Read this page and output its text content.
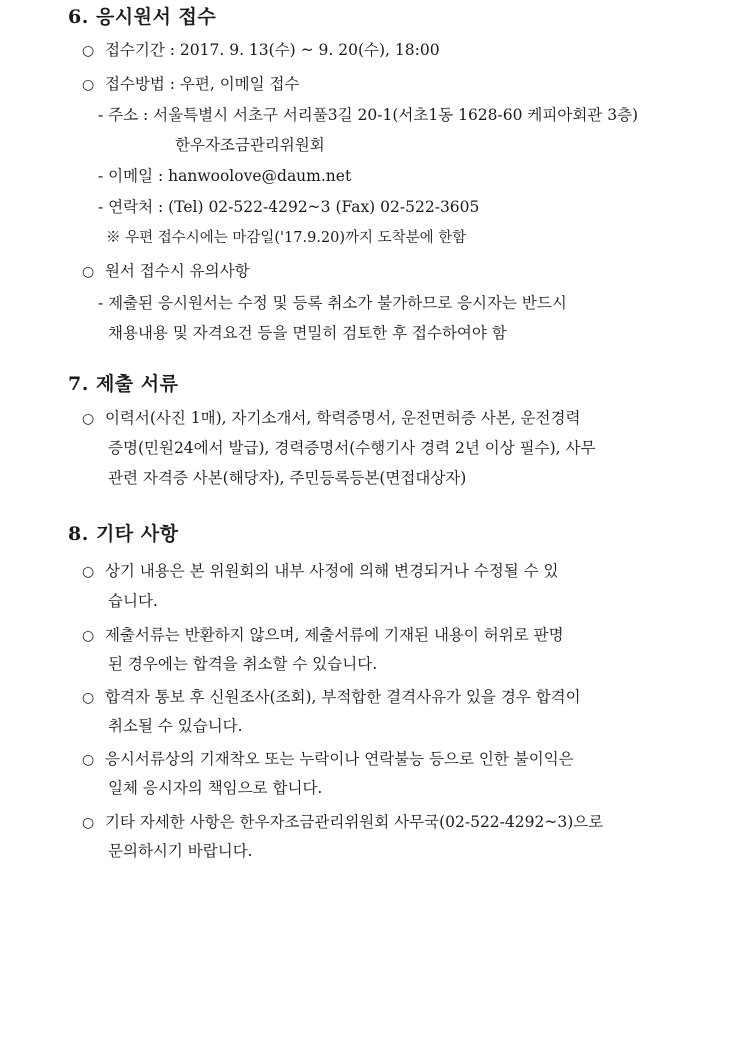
6. 응시원서 접수
○ 접수기간 : 2017. 9. 13(수) ~ 9. 20(수), 18:00
○ 접수방법 : 우편, 이메일 접수
- 주소 : 서울특별시 서초구 서리풀3길 20-1(서초1동 1628-60 케피아회관 3층)
한우자조금관리위원회
- 이메일 : hanwoolove@daum.net
- 연락처 : (Tel) 02-522-4292~3 (Fax) 02-522-3605
※ 우편 접수시에는 마감일('17.9.20)까지 도착분에 한함
○ 원서 접수시 유의사항
- 제출된 응시원서는 수정 및 등록 취소가 불가하므로 응시자는 반드시
채용내용 및 자격요건 등을 면밀히 검토한 후 접수하여야 함
7. 제출 서류
○ 이력서(사진 1매), 자기소개서, 학력증명서, 운전면허증 사본, 운전경력
증명(민원24에서 발급), 경력증명서(수행기사 경력 2년 이상 필수), 사무
관련 자격증 사본(해당자), 주민등록등본(면접대상자)
8. 기타 사항
○ 상기 내용은 본 위원회의 내부 사정에 의해 변경되거나 수정될 수 있
습니다.
○ 제출서류는 반환하지 않으며, 제출서류에 기재된 내용이 허위로 판명
된 경우에는 합격을 취소할 수 있습니다.
○ 합격자 통보 후 신원조사(조회), 부적합한 결격사유가 있을 경우 합격이
취소될 수 있습니다.
○ 응시서류상의 기재착오 또는 누락이나 연락불능 등으로 인한 불이익은
일체 응시자의 책임으로 합니다.
○ 기타 자세한 사항은 한우자조금관리위원회 사무국(02-522-4292~3)으로
문의하시기 바랍니다.
